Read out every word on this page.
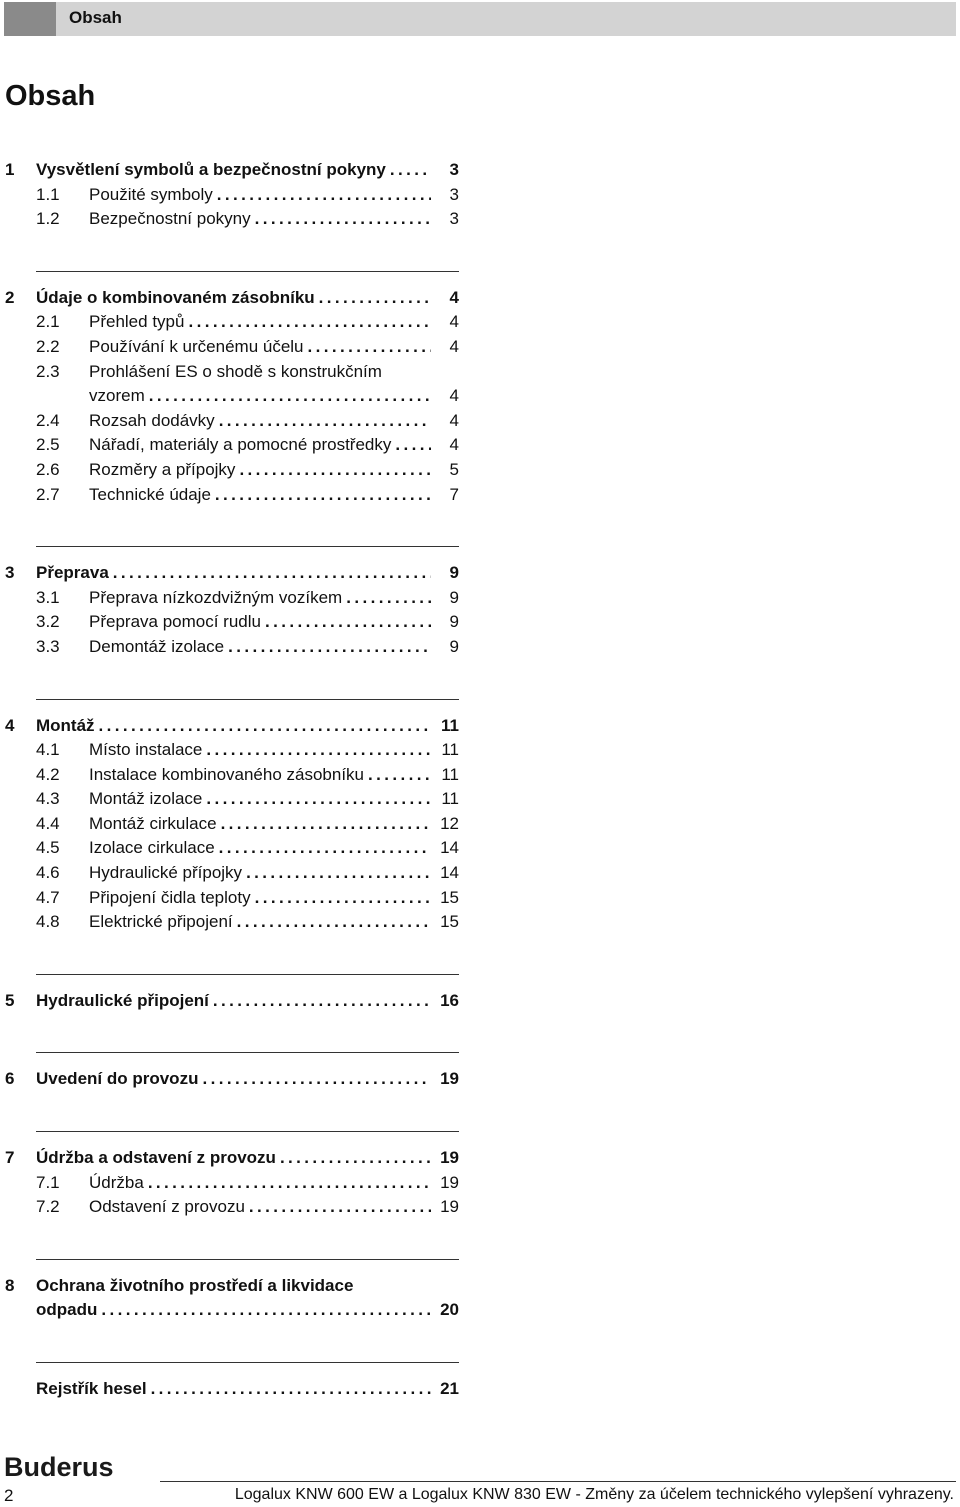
Obsah
Obsah
1	Vysvětlení symbolů a bezpečnostní pokyny .....	3
1.1	Použité symboly .....	3
1.2	Bezpečnostní pokyny .....	3
2	Údaje o kombinovaném zásobníku .....	4
2.1	Přehled typů .....	4
2.2	Používání k určenému účelu .....	4
2.3	Prohlášení ES o shodě s konstrukčním
vzorem .....	4
2.4	Rozsah dodávky .....	4
2.5	Nářadí, materiály a pomocné prostředky .....	4
2.6	Rozměry a přípojky .....	5
2.7	Technické údaje .....	7
3	Přeprava .....	9
3.1	Přeprava nízkozdvižným vozíkem .....	9
3.2	Přeprava pomocí rudlu .....	9
3.3	Demontáž izolace .....	9
4	Montáž .....	11
4.1	Místo instalace .....	11
4.2	Instalace kombinovaného zásobníku .....	11
4.3	Montáž izolace .....	11
4.4	Montáž cirkulace .....	12
4.5	Izolace cirkulace .....	14
4.6	Hydraulické přípojky .....	14
4.7	Připojení čidla teploty .....	15
4.8	Elektrické připojení .....	15
5	Hydraulické připojení .....	16
6	Uvedení do provozu .....	19
7	Údržba a odstavení z provozu .....	19
7.1	Údržba .....	19
7.2	Odstavení z provozu .....	19
8	Ochrana životního prostředí a likvidace
odpadu .....	20
Rejstřík hesel .....	21
Buderus
2	Logalux KNW 600 EW a Logalux KNW 830 EW - Změny za účelem technického vylepšení vyhrazeny.
